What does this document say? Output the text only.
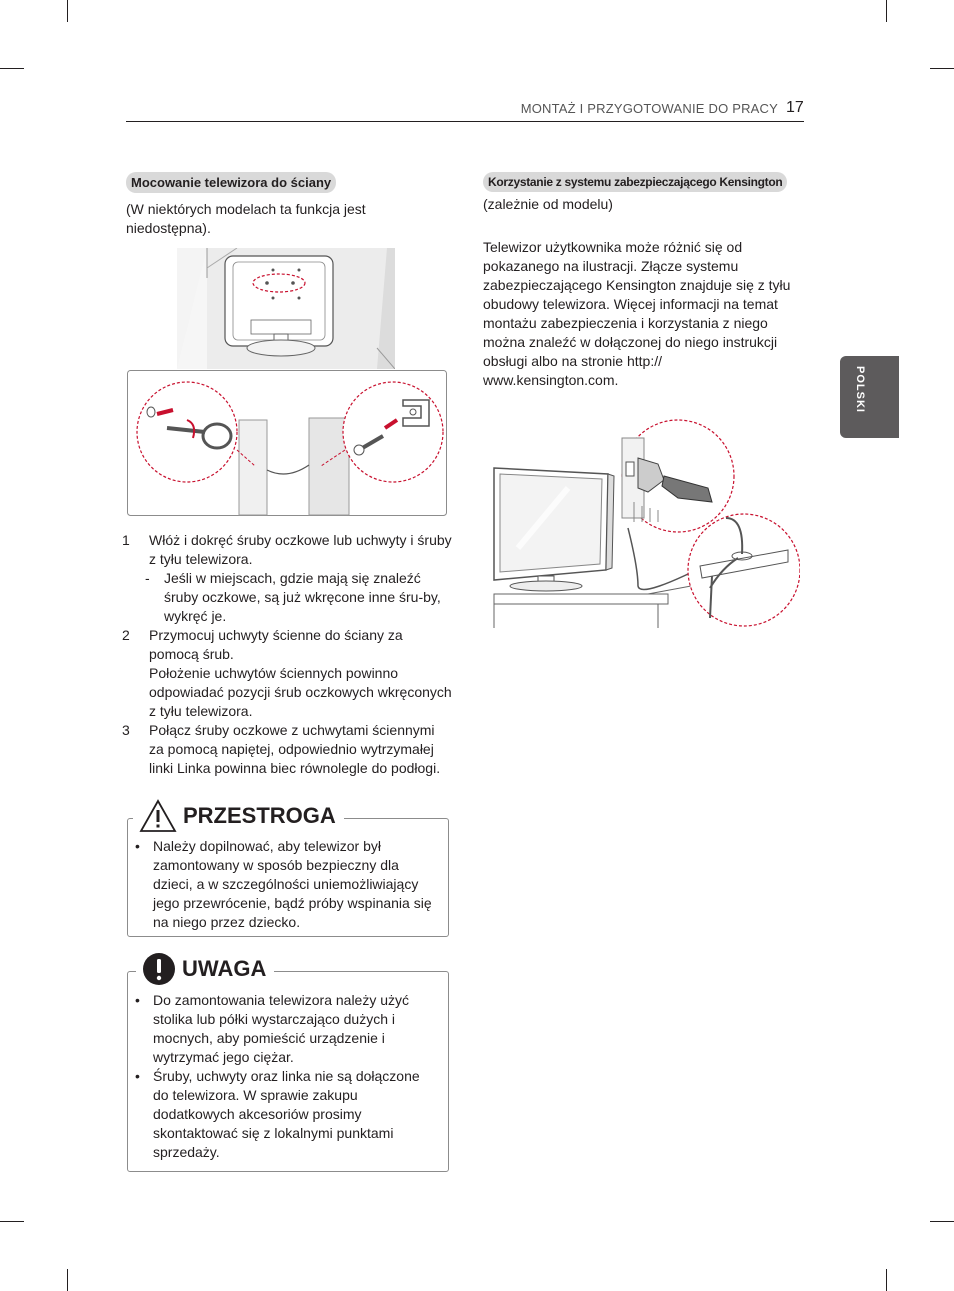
MONTAŻ I PRZYGOTOWANIE DO PRACY 17
POLSKI
Mocowanie telewizora do ściany
(W niektórych modelach ta funkcja jest niedostępna).
1 Włóż i dokręć śruby oczkowe lub uchwyty i śruby z tyłu telewizora.
- Jeśli w miejscach, gdzie mają się znaleźć śruby oczkowe, są już wkręcone inne śru-by, wykręć je.
2 Przymocuj uchwyty ścienne do ściany za pomocą śrub.
Położenie uchwytów ściennych powinno odpowiadać pozycji śrub oczkowych wkręconych z tyłu telewizora.
3 Połącz śruby oczkowe z uchwytami ściennymi za pomocą napiętej, odpowiednio wytrzymałej linki Linka powinna biec równolegle do podłogi.
PRZESTROGA
• Należy dopilnować, aby telewizor był zamontowany w sposób bezpieczny dla dzieci, a w szczególności uniemożliwiający jego przewrócenie, bądź próby wspinania się na niego przez dziecko.
UWAGA
• Do zamontowania telewizora należy użyć stolika lub półki wystarczająco dużych i mocnych, aby pomieścić urządzenie i wytrzymać jego ciężar.
• Śruby, uchwyty oraz linka nie są dołączone do telewizora. W sprawie zakupu dodatkowych akcesoriów prosimy skontaktować się z lokalnymi punktami sprzedaży.
Korzystanie z systemu zabezpieczającego Kensington
(zależnie od modelu)
Telewizor użytkownika może różnić się od pokazanego na ilustracji. Złącze systemu zabezpieczającego Kensington znajduje się z tyłu obudowy telewizora. Więcej informacji na temat montażu zabezpieczenia i korzystania z niego można znaleźć w dołączonej do niego instrukcji obsługi albo na stronie http:// www.kensington.com.
